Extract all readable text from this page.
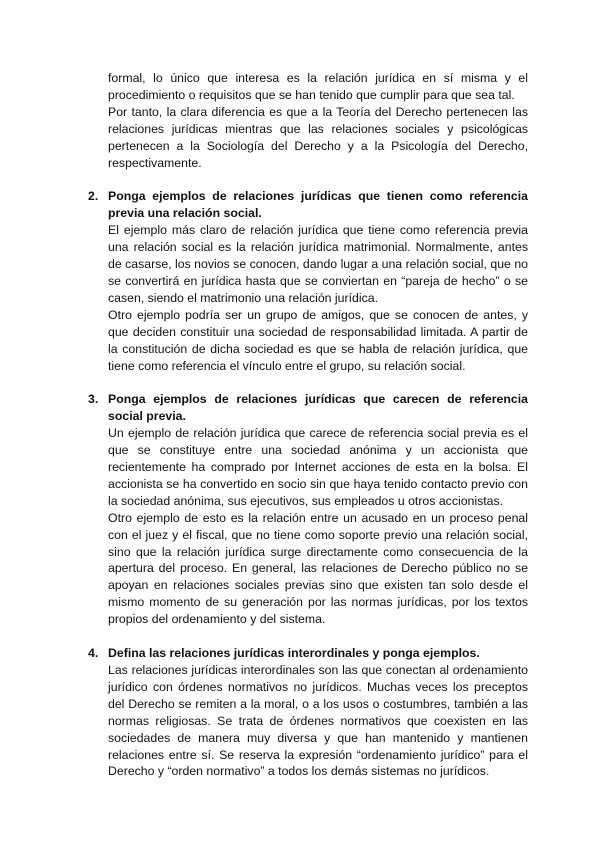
formal, lo único que interesa es la relación jurídica en sí misma y el procedimiento o requisitos que se han tenido que cumplir para que sea tal.

Por tanto, la clara diferencia es que a la Teoría del Derecho pertenecen las relaciones jurídicas mientras que las relaciones sociales y psicológicas pertenecen a la Sociología del Derecho y a la Psicología del Derecho, respectivamente.

2. Ponga ejemplos de relaciones jurídicas que tienen como referencia previa una relación social.

El ejemplo más claro de relación jurídica que tiene como referencia previa una relación social es la relación jurídica matrimonial. Normalmente, antes de casarse, los novios se conocen, dando lugar a una relación social, que no se convertirá en jurídica hasta que se conviertan en “pareja de hecho” o se casen, siendo el matrimonio una relación jurídica.

Otro ejemplo podría ser un grupo de amigos, que se conocen de antes, y que deciden constituir una sociedad de responsabilidad limitada. A partir de la constitución de dicha sociedad es que se habla de relación jurídica, que tiene como referencia el vínculo entre el grupo, su relación social.

3. Ponga ejemplos de relaciones jurídicas que carecen de referencia social previa.

Un ejemplo de relación jurídica que carece de referencia social previa es el que se constituye entre una sociedad anónima y un accionista que recientemente ha comprado por Internet acciones de esta en la bolsa. El accionista se ha convertido en socio sin que haya tenido contacto previo con la sociedad anónima, sus ejecutivos, sus empleados u otros accionistas.

Otro ejemplo de esto es la relación entre un acusado en un proceso penal con el juez y el fiscal, que no tiene como soporte previo una relación social, sino que la relación jurídica surge directamente como consecuencia de la apertura del proceso. En general, las relaciones de Derecho público no se apoyan en relaciones sociales previas sino que existen tan solo desde el mismo momento de su generación por las normas jurídicas, por los textos propios del ordenamiento y del sistema.

4. Defina las relaciones jurídicas interordinales y ponga ejemplos.

Las relaciones jurídicas interordinales son las que conectan al ordenamiento jurídico con órdenes normativos no jurídicos. Muchas veces los preceptos del Derecho se remiten a la moral, o a los usos o costumbres, también a las normas religiosas. Se trata de órdenes normativos que coexisten en las sociedades de manera muy diversa y que han mantenido y mantienen relaciones entre sí. Se reserva la expresión “ordenamiento jurídico” para el Derecho y “orden normativo” a todos los demás sistemas no jurídicos.
